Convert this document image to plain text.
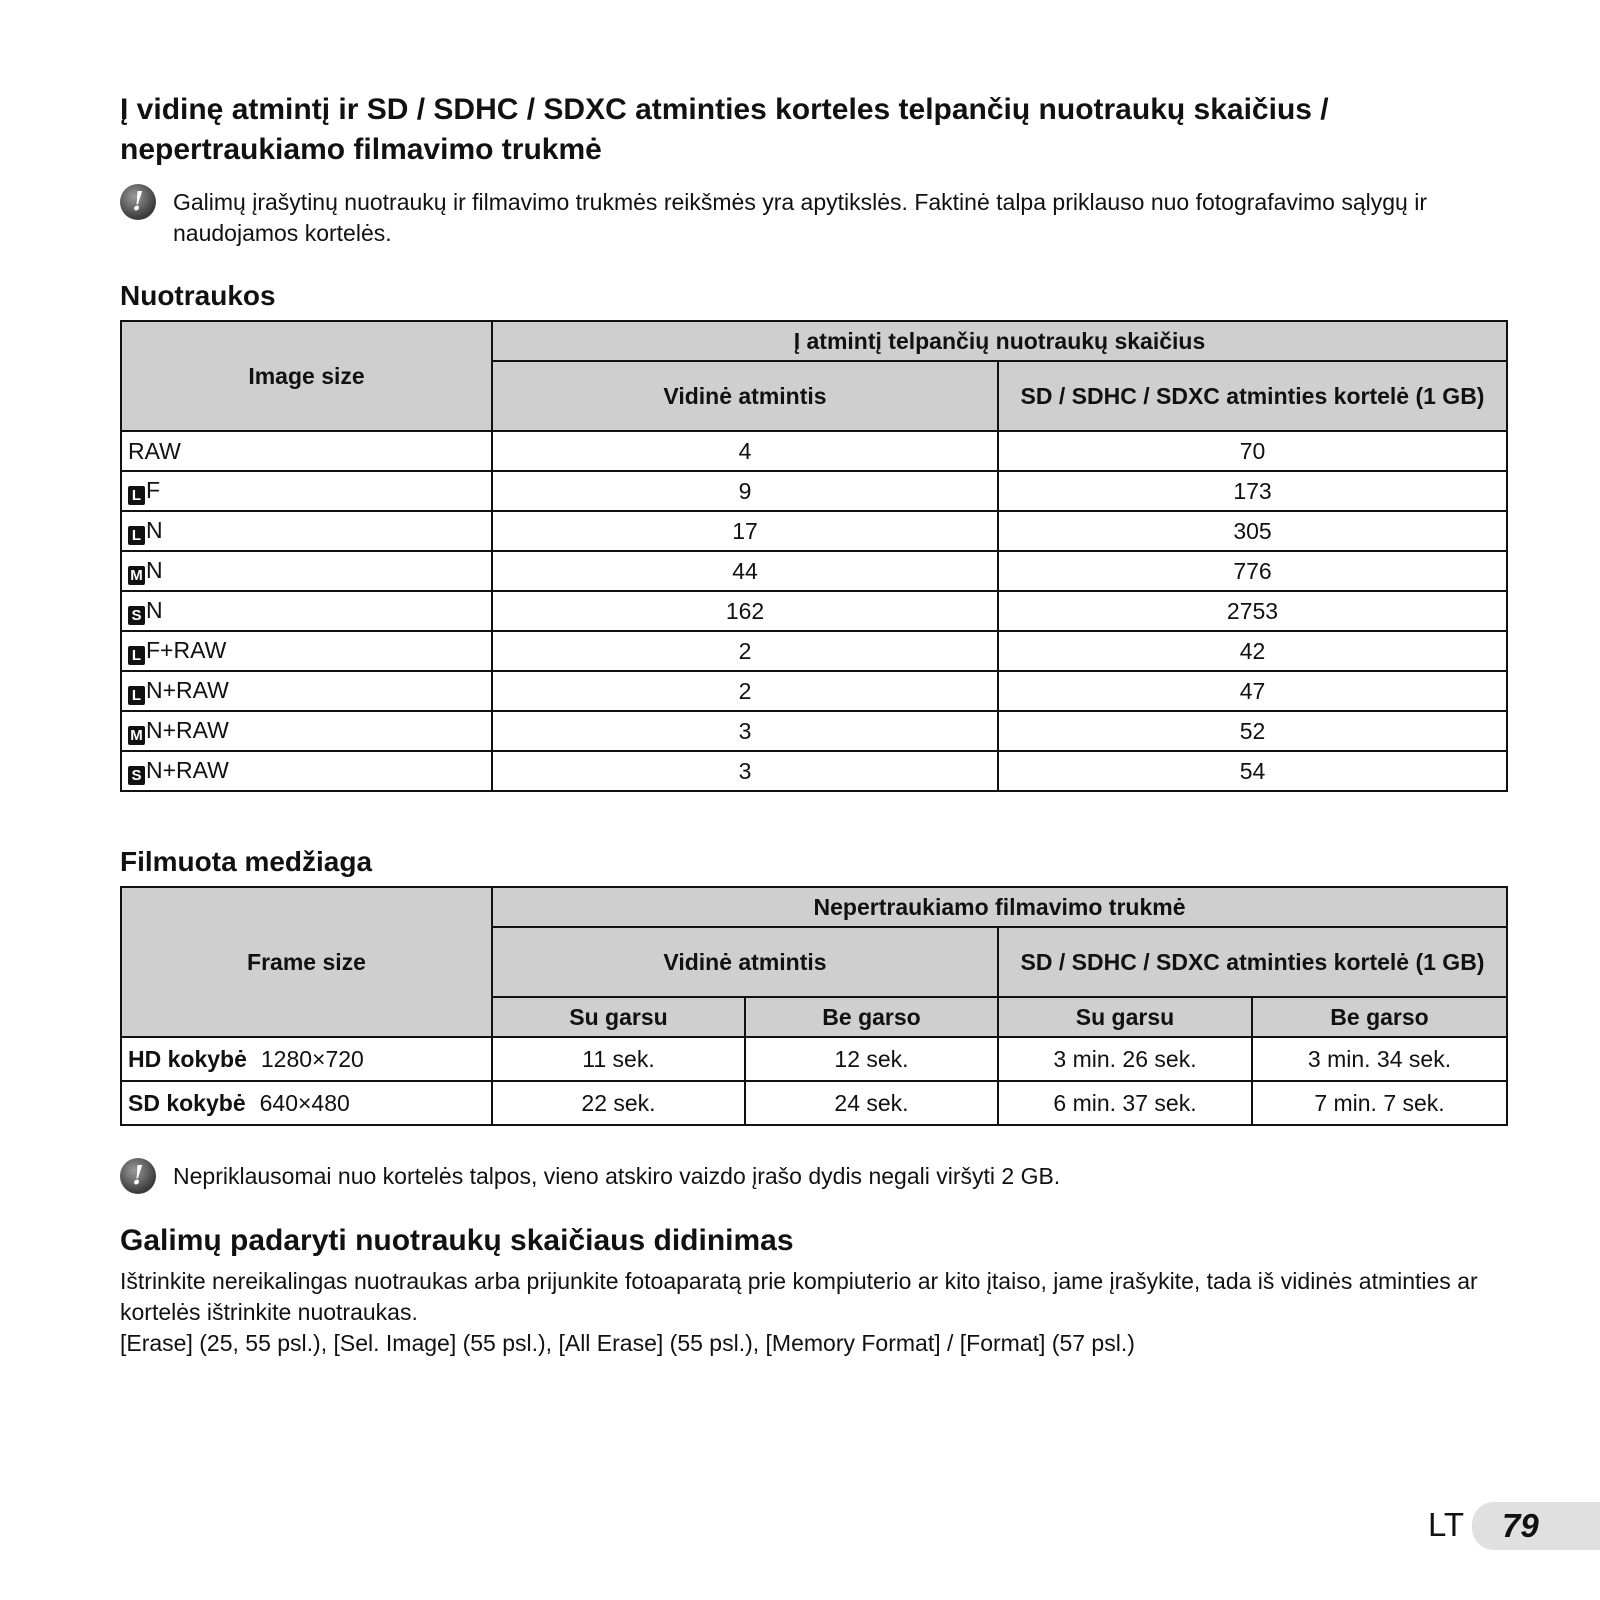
Į vidinę atmintį ir SD / SDHC / SDXC atminties korteles telpančių nuotraukų skaičius / nepertraukiamo filmavimo trukmė
!	Galimų įrašytinų nuotraukų ir filmavimo trukmės reikšmės yra apytikslės. Faktinė talpa priklauso nuo fotografavimo sąlygų ir naudojamos kortelės.
Nuotraukos
Image size	Į atmintį telpančių nuotraukų skaičius	
	Vidinė atmintis	SD / SDHC / SDXC atminties kortelė (1 GB)
RAW	4	70
L F	9	173
L N	17	305
M N	44	776
S N	162	2753
L F+RAW	2	42
L N+RAW	2	47
M N+RAW	3	52
S N+RAW	3	54
Filmuota medžiaga
Frame size	Nepertraukiamo filmavimo trukmė			
	Vidinė atmintis		SD / SDHC / SDXC atminties kortelė (1 GB)	
	Su garsu	Be garso	Su garsu	Be garso
HD kokybė 1280×720	11 sek.	12 sek.	3 min. 26 sek.	3 min. 34 sek.
SD kokybė 640×480	22 sek.	24 sek.	6 min. 37 sek.	7 min. 7 sek.
!	Nepriklausomai nuo kortelės talpos, vieno atskiro vaizdo įrašo dydis negali viršyti 2 GB.
Galimų padaryti nuotraukų skaičiaus didinimas

Ištrinkite nereikalingas nuotraukas arba prijunkite fotoaparatą prie kompiuterio ar kito įtaiso, jame įrašykite, tada iš vidinės atminties ar kortelės ištrinkite nuotraukas.

[Erase] (25, 55 psl.), [Sel. Image] (55 psl.), [All Erase] (55 psl.), [Memory Format] / [Format] (57 psl.)

LT	79
